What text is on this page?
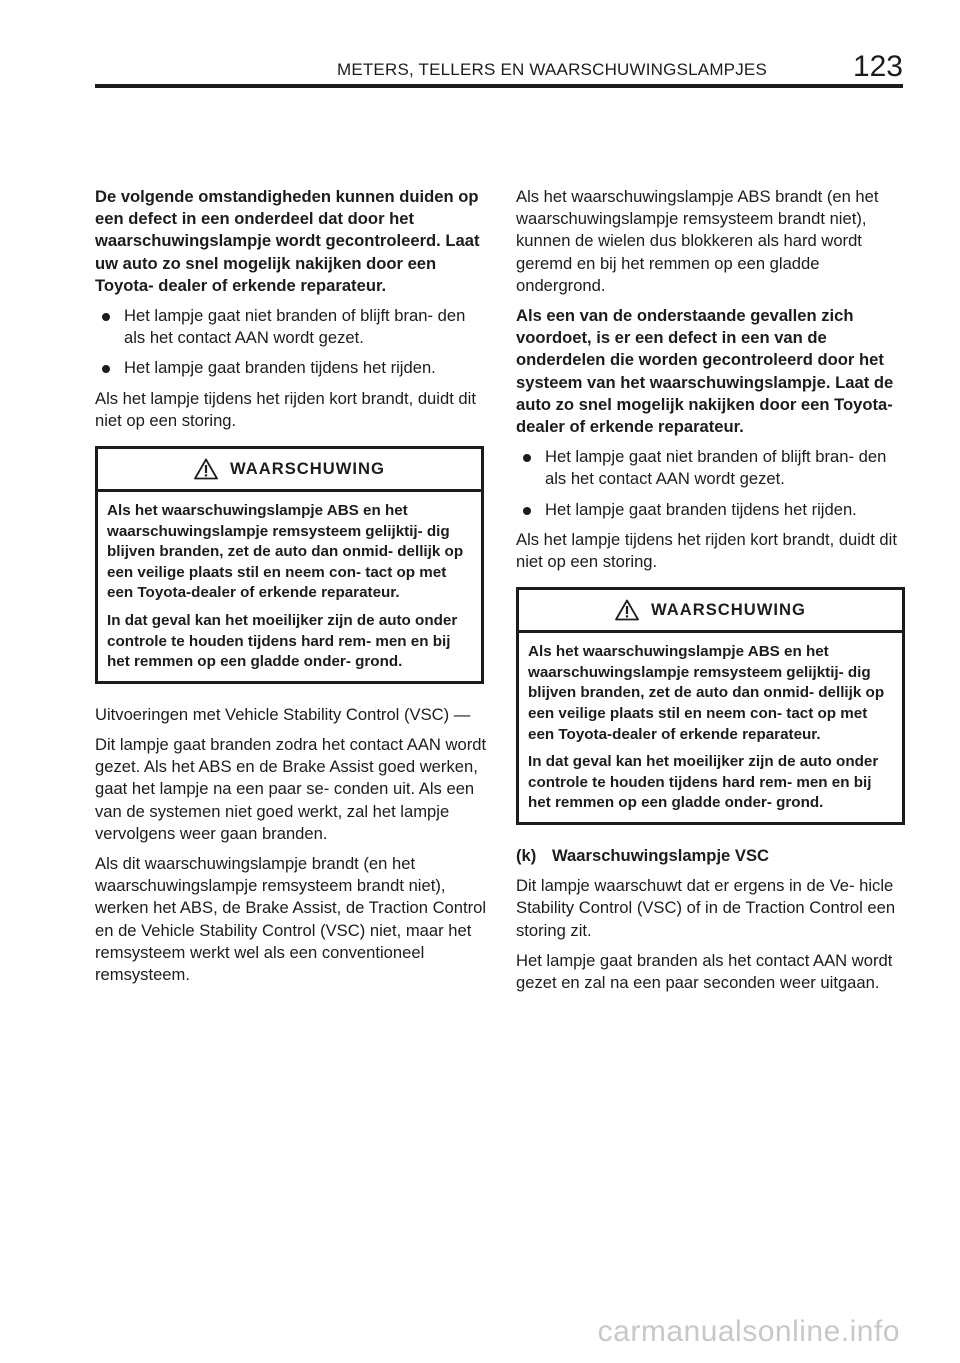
METERS, TELLERS EN WAARSCHUWINGSLAMPJES	123

De volgende omstandigheden kunnen duiden op een defect in een onderdeel dat door het waarschuwingslampje wordt gecontroleerd. Laat uw auto zo snel mogelijk nakijken door een Toyota- dealer of erkende reparateur.

Het lampje gaat niet branden of blijft bran- den als het contact AAN wordt gezet.
Het lampje gaat branden tijdens het rijden.

Als het lampje tijdens het rijden kort brandt, duidt dit niet op een storing.

WAARSCHUWING

Als het waarschuwingslampje ABS en het waarschuwingslampje remsysteem gelijktij- dig blijven branden, zet de auto dan onmid- dellijk op een veilige plaats stil en neem con- tact op met een Toyota-dealer of erkende reparateur.

In dat geval kan het moeilijker zijn de auto onder controle te houden tijdens hard rem- men en bij het remmen op een gladde onder- grond.

Uitvoeringen met Vehicle Stability Control (VSC) —

Dit lampje gaat branden zodra het contact AAN wordt gezet. Als het ABS en de Brake Assist goed werken, gaat het lampje na een paar se- conden uit. Als een van de systemen niet goed werkt, zal het lampje vervolgens weer gaan branden.

Als dit waarschuwingslampje brandt (en het waarschuwingslampje remsysteem brandt niet), werken het ABS, de Brake Assist, de Traction Control en de Vehicle Stability Control (VSC) niet, maar het remsysteem werkt wel als een conventioneel remsysteem.

Als het waarschuwingslampje ABS brandt (en het waarschuwingslampje remsysteem brandt niet), kunnen de wielen dus blokkeren als hard wordt geremd en bij het remmen op een gladde ondergrond.

Als een van de onderstaande gevallen zich voordoet, is er een defect in een van de onderdelen die worden gecontroleerd door het systeem van het waarschuwingslampje. Laat de auto zo snel mogelijk nakijken door een Toyota- dealer of erkende reparateur.

Het lampje gaat niet branden of blijft bran- den als het contact AAN wordt gezet.
Het lampje gaat branden tijdens het rijden.

Als het lampje tijdens het rijden kort brandt, duidt dit niet op een storing.

WAARSCHUWING

Als het waarschuwingslampje ABS en het waarschuwingslampje remsysteem gelijktij- dig blijven branden, zet de auto dan onmid- dellijk op een veilige plaats stil en neem con- tact op met een Toyota-dealer of erkende reparateur.

In dat geval kan het moeilijker zijn de auto onder controle te houden tijdens hard rem- men en bij het remmen op een gladde onder- grond.

(k) Waarschuwingslampje VSC

Dit lampje waarschuwt dat er ergens in de Ve- hicle Stability Control (VSC) of in de Traction Control een storing zit.

Het lampje gaat branden als het contact AAN wordt gezet en zal na een paar seconden weer uitgaan.

carmanualsonline.info
